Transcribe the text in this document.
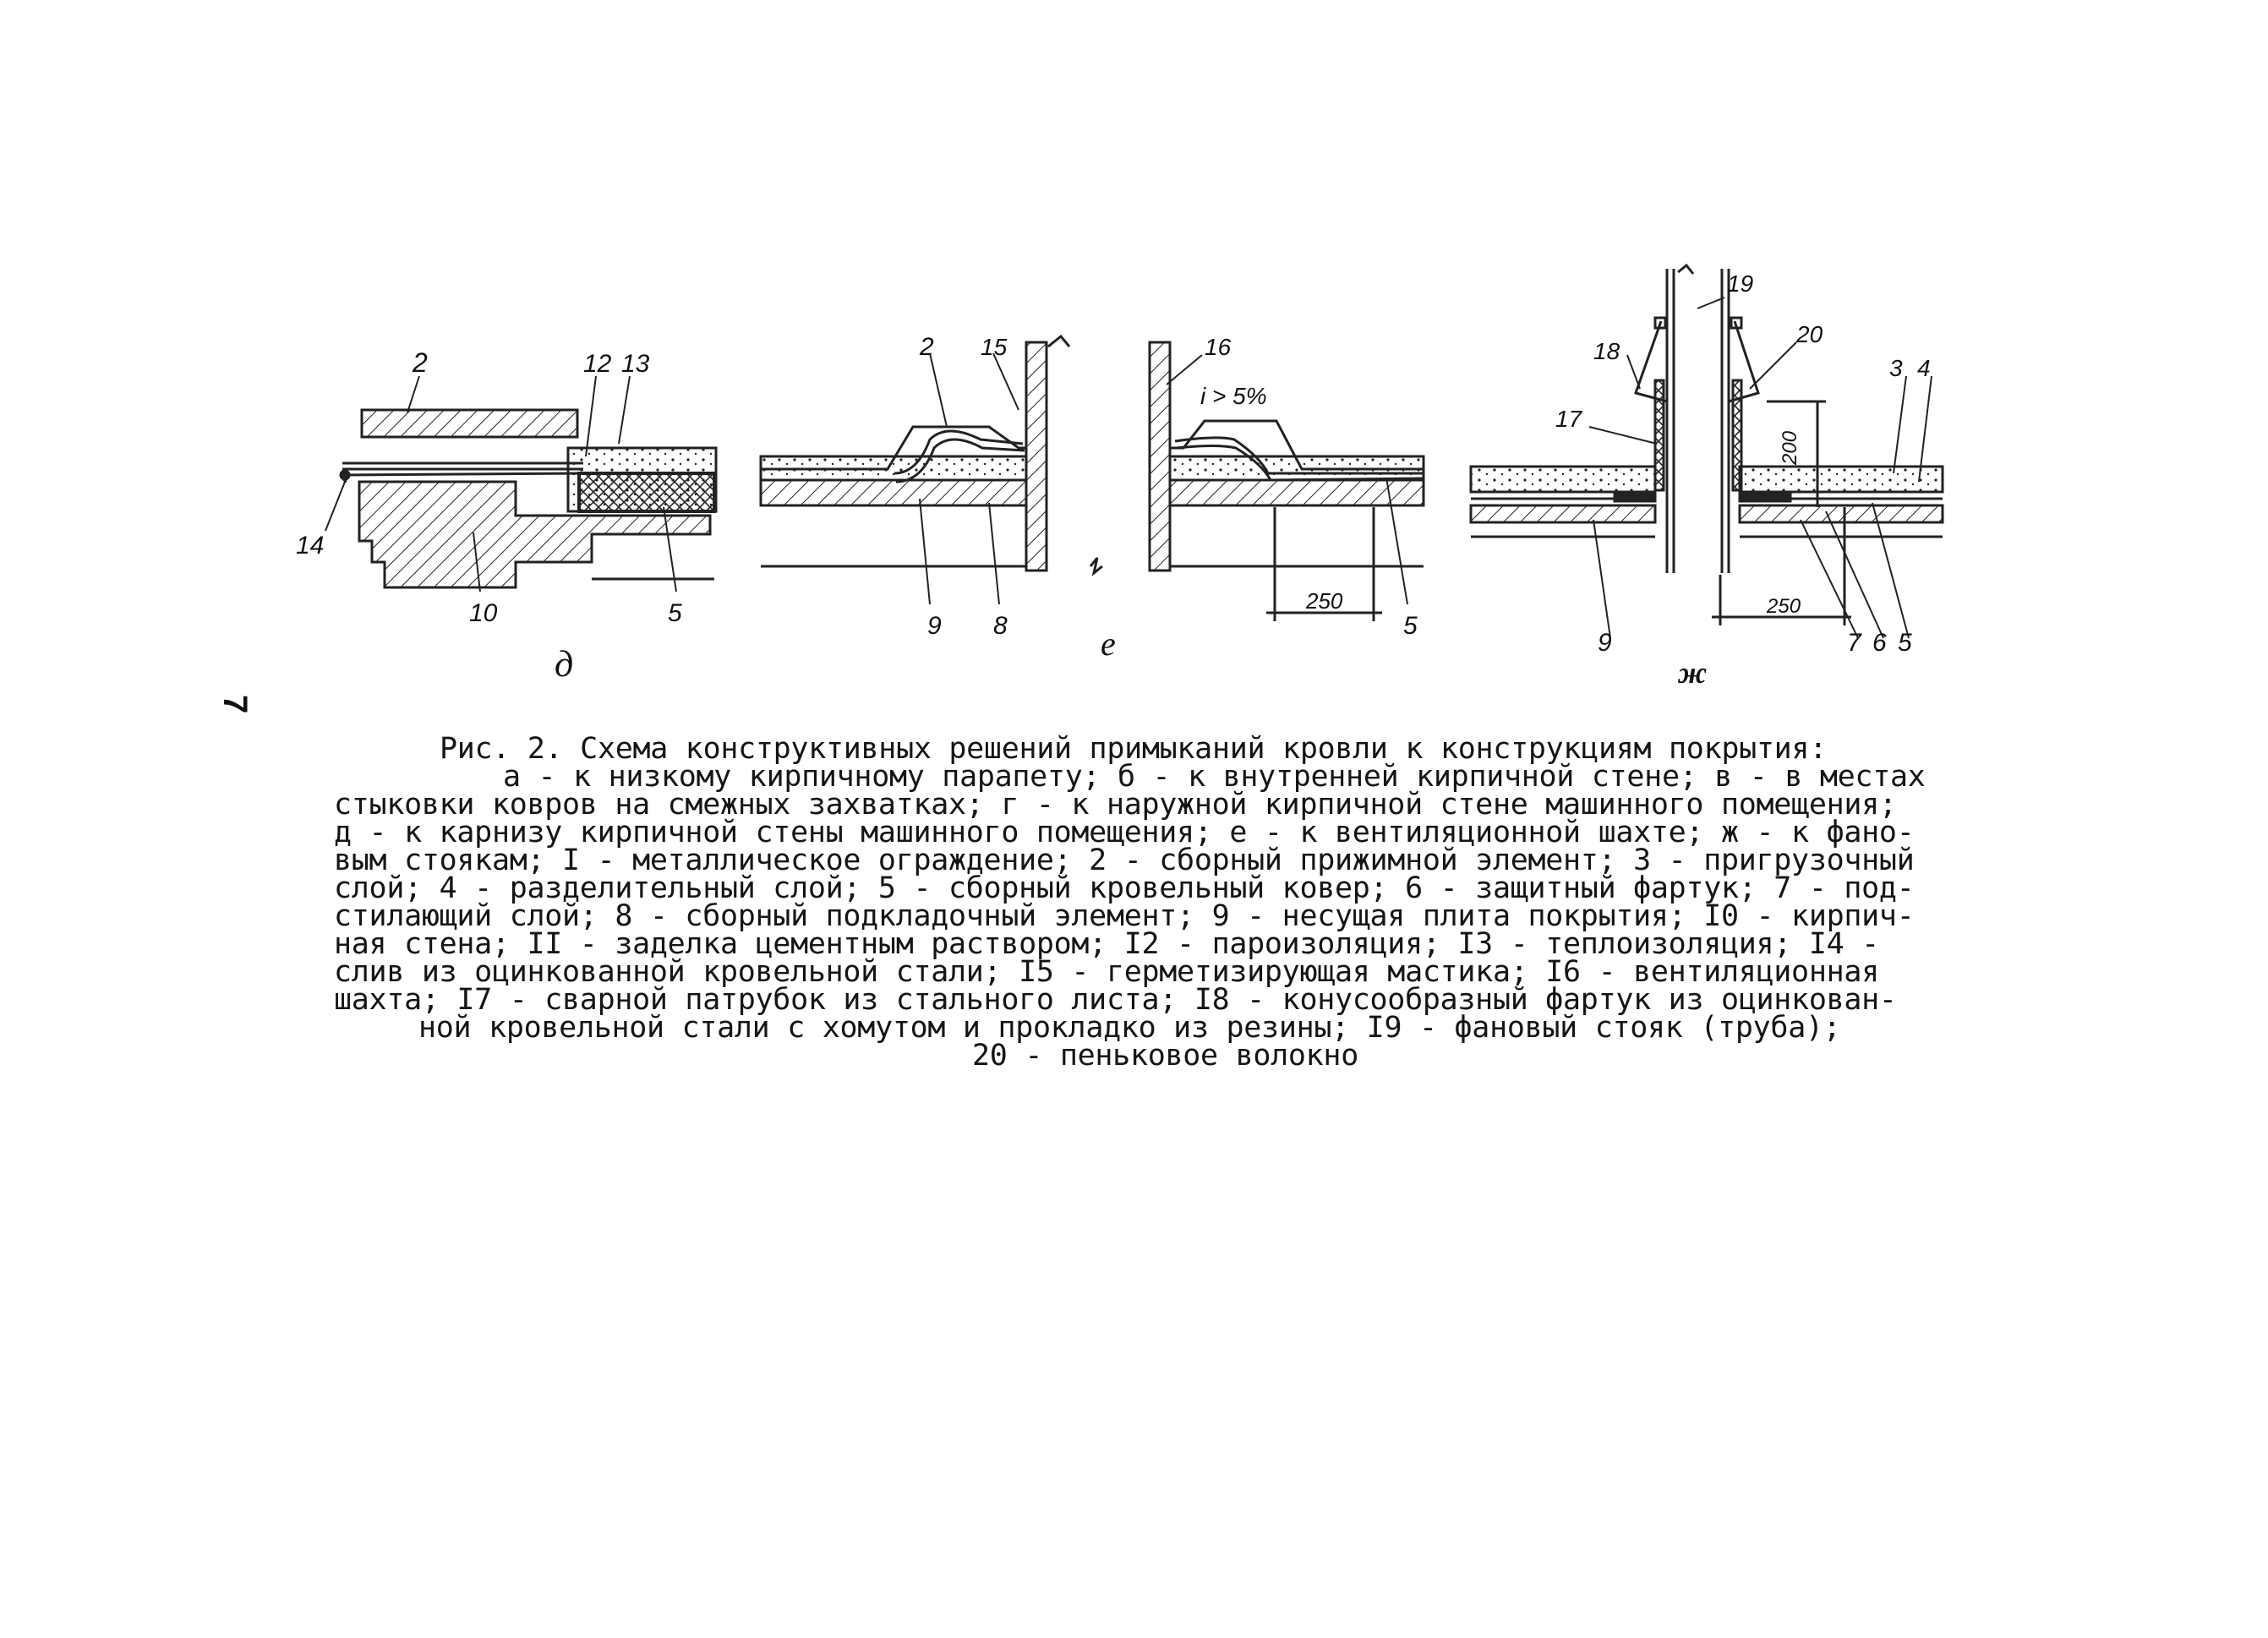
2	12 13
14
10	5
д
2 15	16
9 8	5
i > 5%
250
е
19
18
20
17
3 4
9	7 6 5
250
200
ж
7
Рис. 2. Схема конструктивных решений примыканий кровли к конструкциям покрытия:
а - к низкому кирпичному парапету; б - к внутренней кирпичной стене; в - в местах
стыковки ковров на смежных захватках; г - к наружной кирпичной стене машинного помещения;
д - к карнизу кирпичной стены машинного помещения; е - к вентиляционной шахте; ж - к фано-
вым стоякам; I - металлическое ограждение; 2 - сборный прижимной элемент; 3 - пригрузочный
слой; 4 - разделительный слой; 5 - сборный кровельный ковер; 6 - защитный фартук; 7 - под-
стилающий слой; 8 - сборный подкладочный элемент; 9 - несущая плита покрытия; I0 - кирпич-
ная стена; II - заделка цементным раствором; I2 - пароизоляция; I3 - теплоизоляция; I4 -
слив из оцинкованной кровельной стали; I5 - герметизирующая мастика; I6 - вентиляционная
шахта; I7 - сварной патрубок из стального листа; I8 - конусообразный фартук из оцинкован-
ной кровельной стали с хомутом и прокладко из резины; I9 - фановый стояк (труба);
20 - пеньковое волокно
